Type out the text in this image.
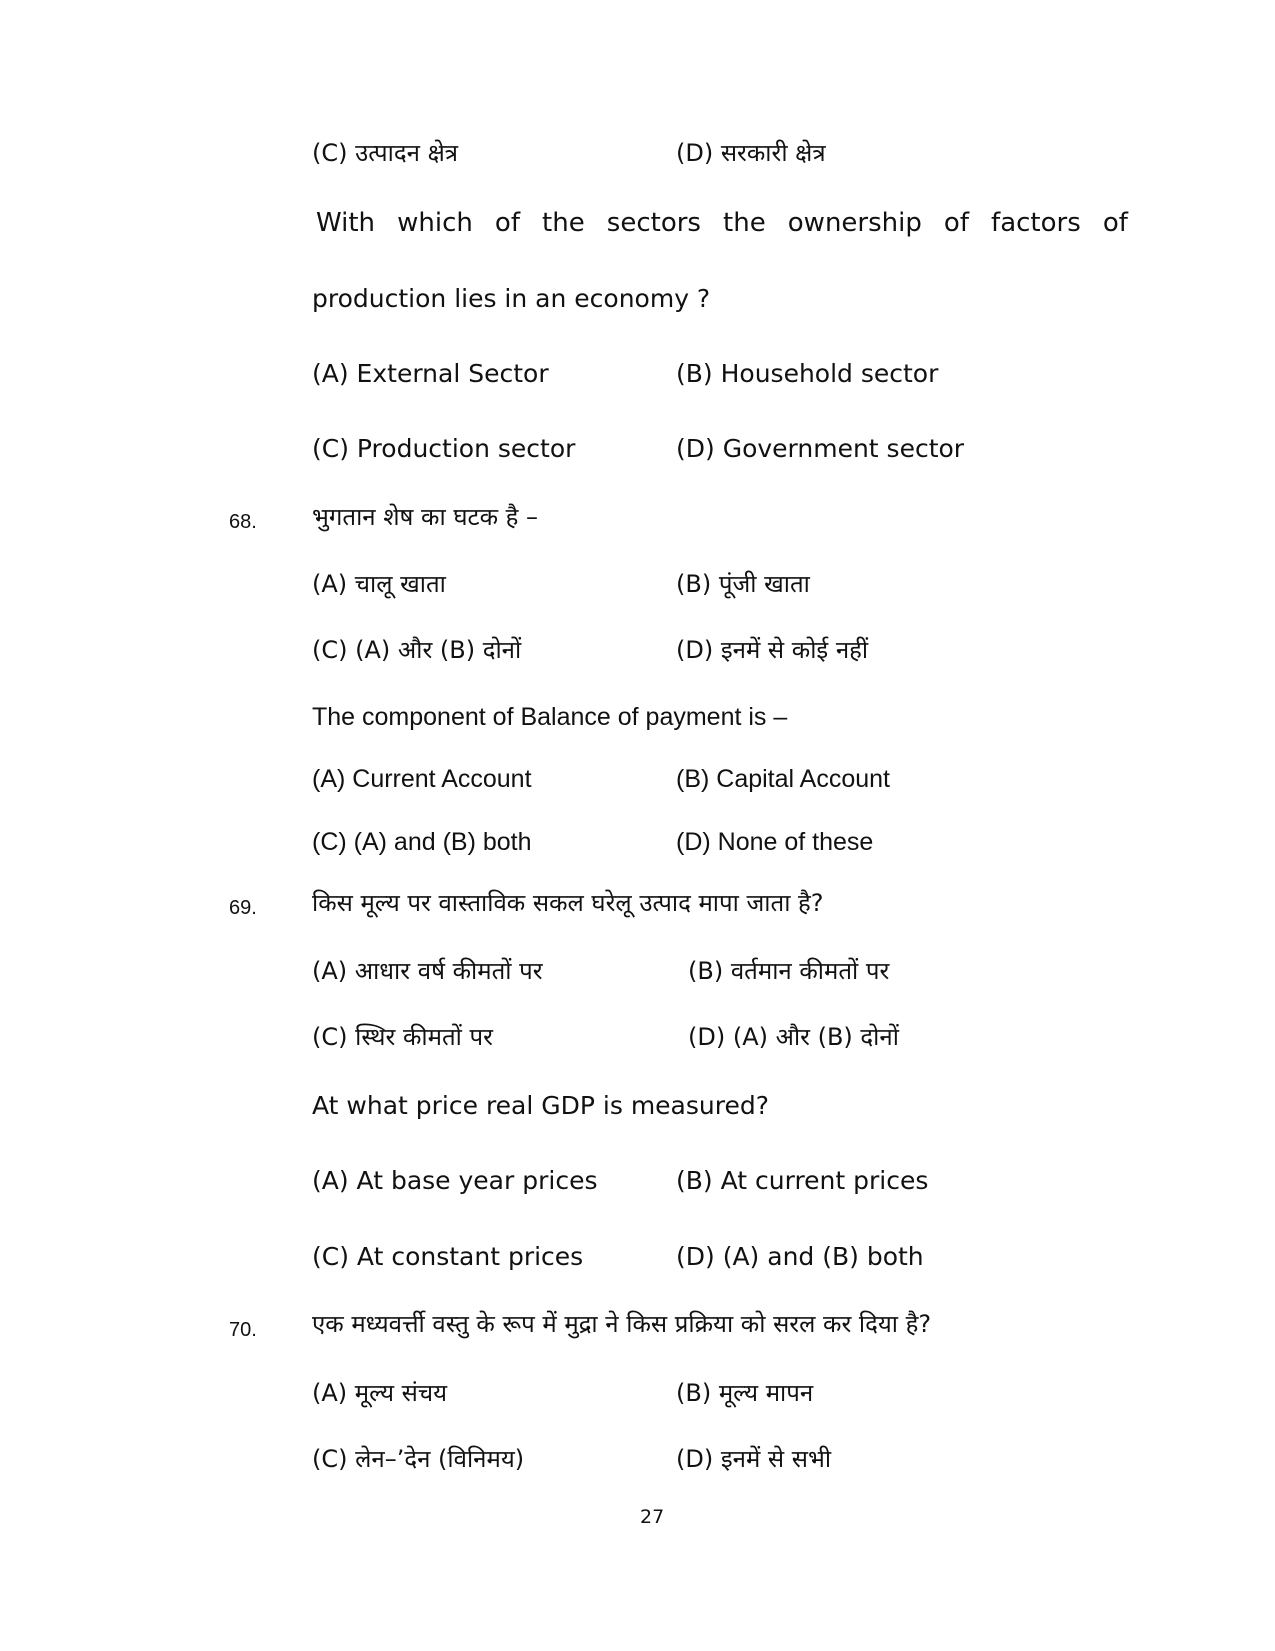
(C) उत्पादन क्षेत्र	(D) सरकारी क्षेत्र
With which of the sectors the ownership of factors of
production lies in an economy ?
(A) External Sector	(B) Household sector
(C) Production sector	(D) Government sector
68. भुगतान शेष का घटक है –
(A) चालू खाता	(B) पूंजी खाता
(C) (A) और (B) दोनों	(D) इनमें से कोई नहीं
The component of Balance of payment is –
(A) Current Account	(B) Capital Account
(C) (A) and (B) both	(D) None of these
69. किस मूल्य पर वास्ताविक सकल घरेलू उत्पाद मापा जाता है?
(A) आधार वर्ष कीमतों पर	(B) वर्तमान कीमतों पर
(C) स्थिर कीमतों पर	(D) (A) और (B) दोनों
At what price real GDP is measured?
(A) At base year prices	(B) At current prices
(C) At constant prices	(D) (A) and (B) both
70. एक मध्यवर्त्ती वस्तु के रूप में मुद्रा ने किस प्रक्रिया को सरल कर दिया है?
(A) मूल्य संचय	(B) मूल्य मापन
(C) लेन–’देन (विनिमय)	(D) इनमें से सभी
27
